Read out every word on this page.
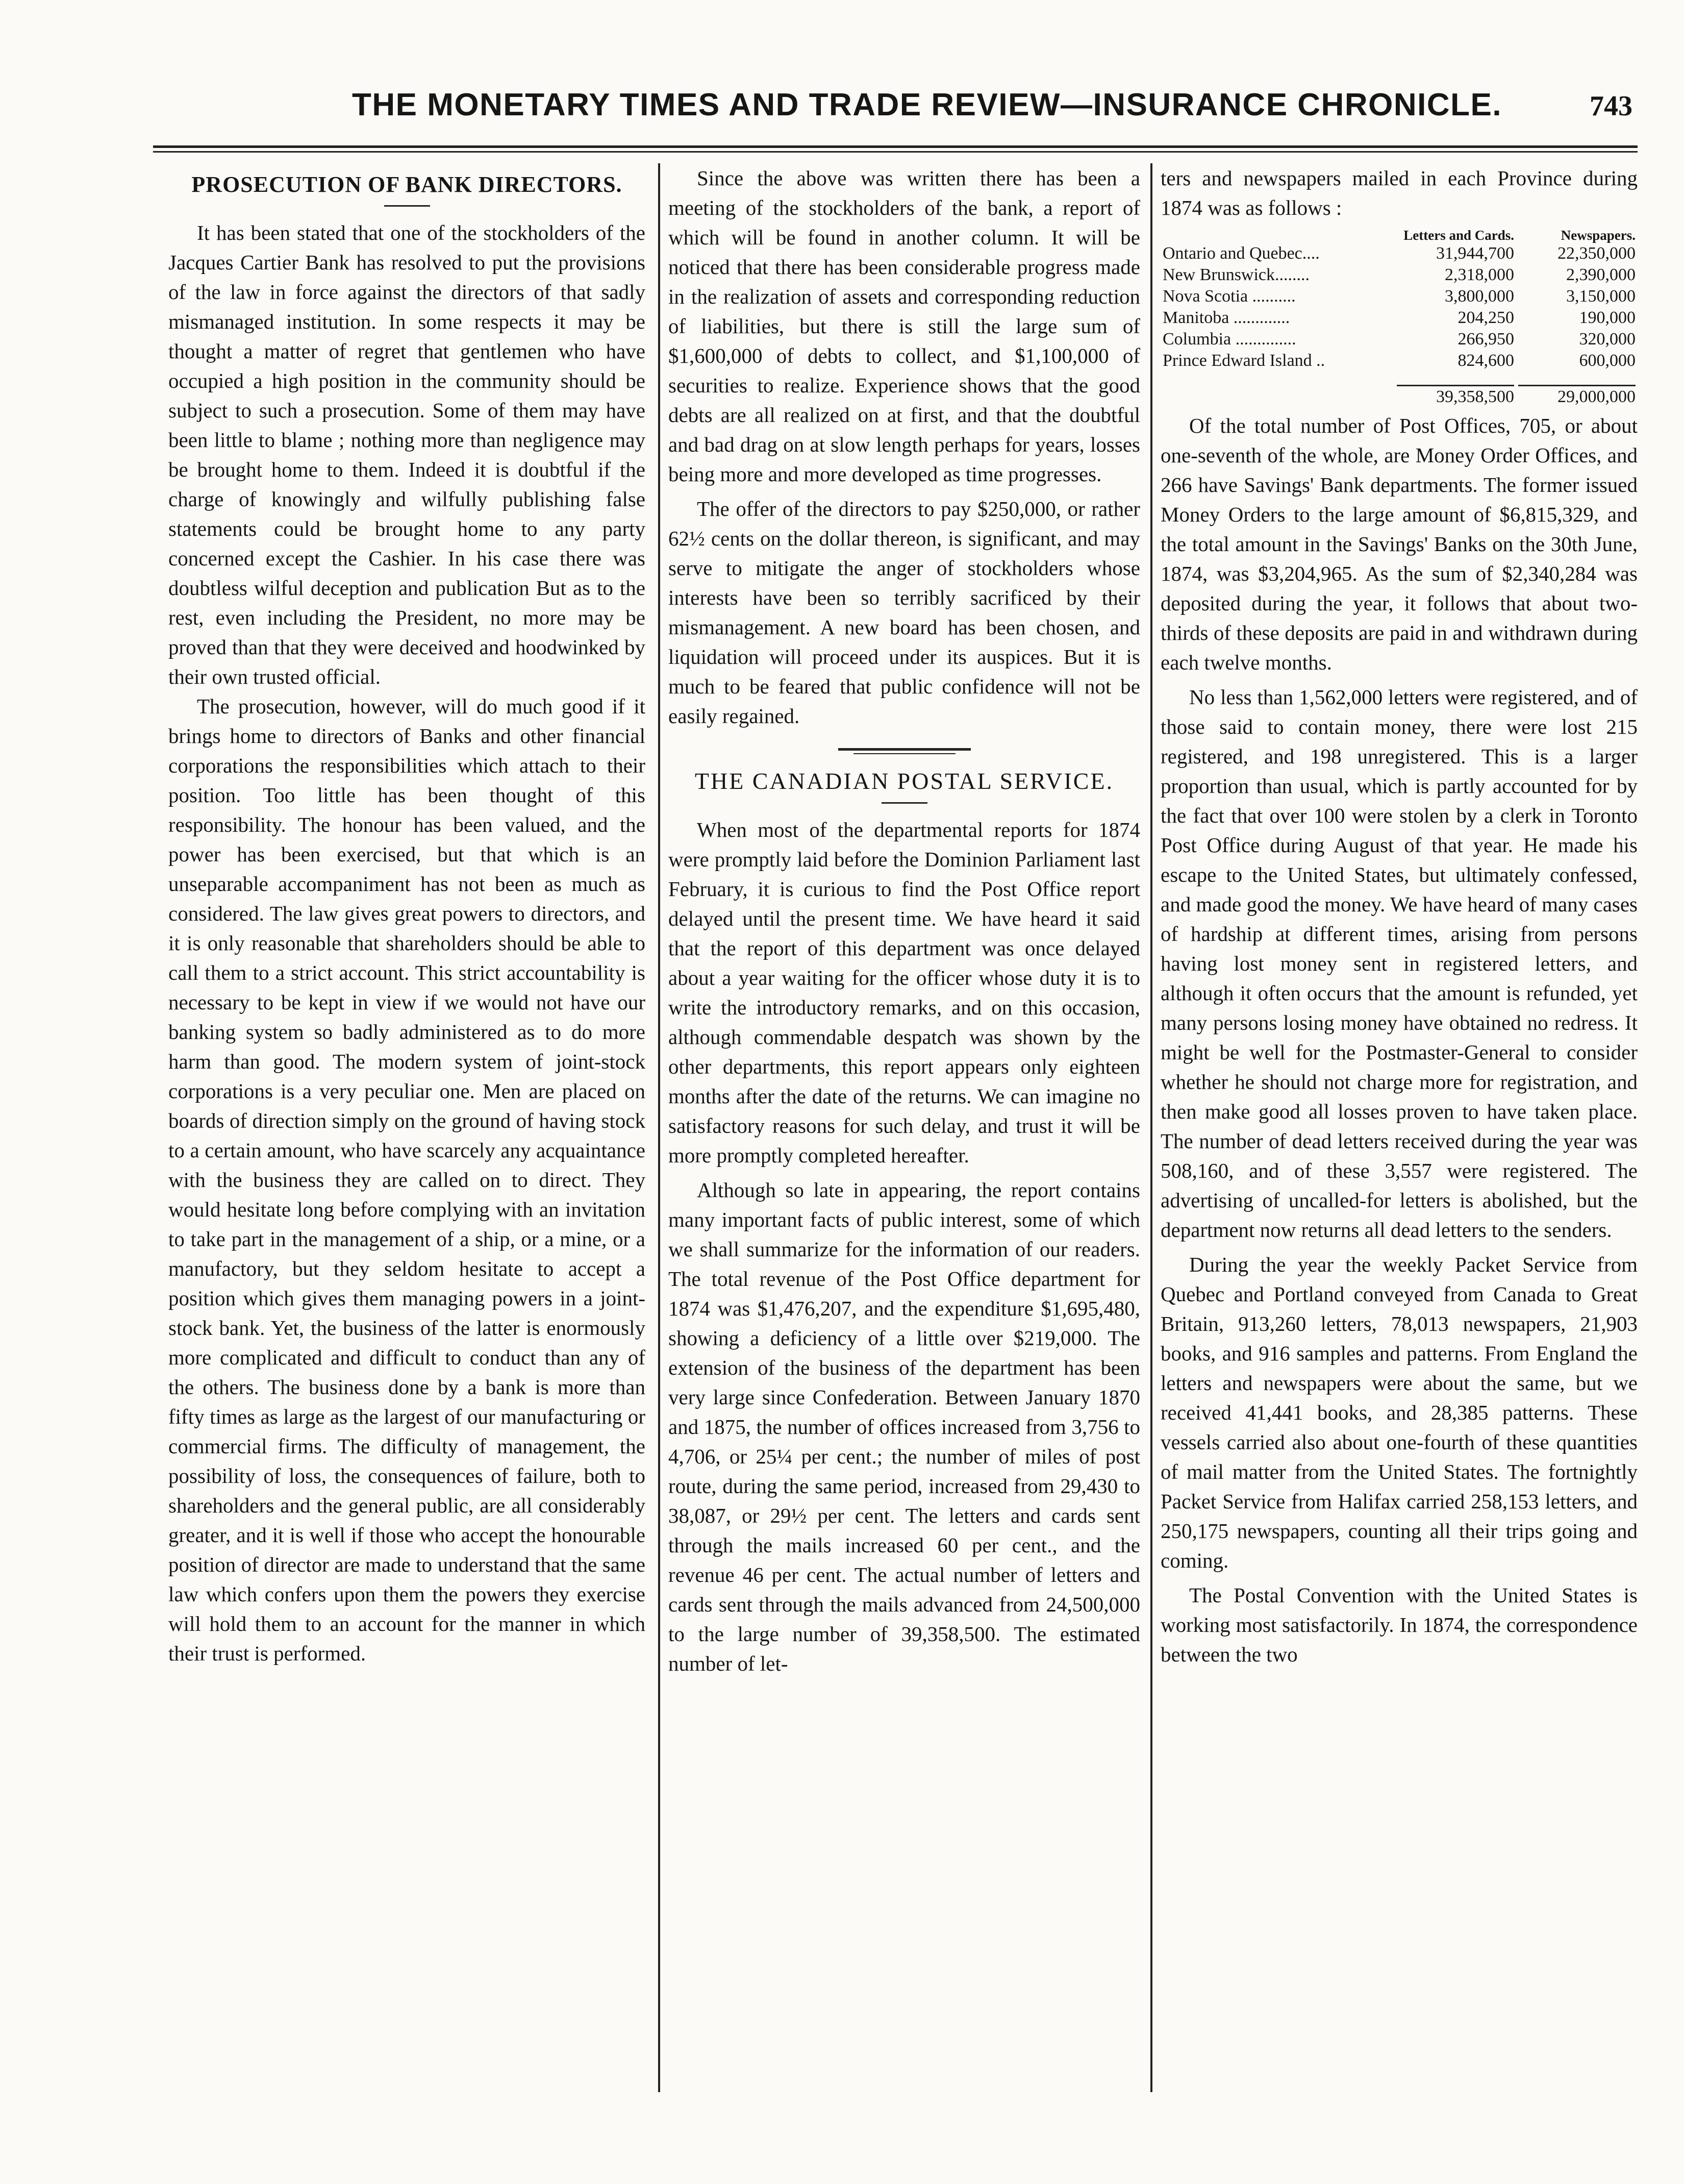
THE MONETARY TIMES AND TRADE REVIEW—INSURANCE CHRONICLE.	743
PROSECUTION OF BANK DIRECTORS.

It has been stated that one of the stockholders of the Jacques Cartier Bank has resolved to put the provisions of the law in force against the directors of that sadly mismanaged institution. In some respects it may be thought a matter of regret that gentlemen who have occupied a high position in the community should be subject to such a prosecution. Some of them may have been little to blame ; nothing more than negligence may be brought home to them. Indeed it is doubtful if the charge of knowingly and wilfully publishing false statements could be brought home to any party concerned except the Cashier. In his case there was doubtless wilful deception and publication But as to the rest, even including the President, no more may be proved than that they were deceived and hoodwinked by their own trusted official.

The prosecution, however, will do much good if it brings home to directors of Banks and other financial corporations the responsibilities which attach to their position. Too little has been thought of this responsibility. The honour has been valued, and the power has been exercised, but that which is an unseparable accompaniment has not been as much as considered. The law gives great powers to directors, and it is only reasonable that shareholders should be able to call them to a strict account. This strict accountability is necessary to be kept in view if we would not have our banking system so badly administered as to do more harm than good. The modern system of joint-stock corporations is a very peculiar one. Men are placed on boards of direction simply on the ground of having stock to a certain amount, who have scarcely any acquaintance with the business they are called on to direct. They would hesitate long before complying with an invitation to take part in the management of a ship, or a mine, or a manufactory, but they seldom hesitate to accept a position which gives them managing powers in a joint-stock bank. Yet, the business of the latter is enormously more complicated and difficult to conduct than any of the others. The business done by a bank is more than fifty times as large as the largest of our manufacturing or commercial firms. The difficulty of management, the possibility of loss, the consequences of failure, both to shareholders and the general public, are all considerably greater, and it is well if those who accept the honourable position of director are made to understand that the same law which confers upon them the powers they exercise will hold them to an account for the manner in which their trust is performed.

Since the above was written there has been a meeting of the stockholders of the bank, a report of which will be found in another column. It will be noticed that there has been considerable progress made in the realization of assets and corresponding reduction of liabilities, but there is still the large sum of $1,600,000 of debts to collect, and $1,100,000 of securities to realize. Experience shows that the good debts are all realized on at first, and that the doubtful and bad drag on at slow length perhaps for years, losses being more and more developed as time progresses.

The offer of the directors to pay $250,000, or rather 62½ cents on the dollar thereon, is significant, and may serve to mitigate the anger of stockholders whose interests have been so terribly sacrificed by their mismanagement. A new board has been chosen, and liquidation will proceed under its auspices. But it is much to be feared that public confidence will not be easily regained.

THE CANADIAN POSTAL SERVICE.

When most of the departmental reports for 1874 were promptly laid before the Dominion Parliament last February, it is curious to find the Post Office report delayed until the present time. We have heard it said that the report of this department was once delayed about a year waiting for the officer whose duty it is to write the introductory remarks, and on this occasion, although commendable despatch was shown by the other departments, this report appears only eighteen months after the date of the returns. We can imagine no satisfactory reasons for such delay, and trust it will be more promptly completed hereafter.

Although so late in appearing, the report contains many important facts of public interest, some of which we shall summarize for the information of our readers. The total revenue of the Post Office department for 1874 was $1,476,207, and the expenditure $1,695,480, showing a deficiency of a little over $219,000. The extension of the business of the department has been very large since Confederation. Between January 1870 and 1875, the number of offices increased from 3,756 to 4,706, or 25¼ per cent.; the number of miles of post route, during the same period, increased from 29,430 to 38,087, or 29½ per cent. The letters and cards sent through the mails increased 60 per cent., and the revenue 46 per cent. The actual number of letters and cards sent through the mails advanced from 24,500,000 to the large number of 39,358,500. The estimated number of let-

ters and newspapers mailed in each Province during 1874 was as follows :

	Letters and Cards.	Newspapers.
Ontario and Quebec....	31,944,700	22,350,000
New Brunswick........	2,318,000	2,390,000
Nova Scotia ..........	3,800,000	3,150,000
Manitoba .............	204,250	190,000
Columbia ..............	266,950	320,000
Prince Edward Island ..	824,600	600,000

39,358,500	29,000,000

Of the total number of Post Offices, 705, or about one-seventh of the whole, are Money Order Offices, and 266 have Savings' Bank departments. The former issued Money Orders to the large amount of $6,815,329, and the total amount in the Savings' Banks on the 30th June, 1874, was $3,204,965. As the sum of $2,340,284 was deposited during the year, it follows that about two-thirds of these deposits are paid in and withdrawn during each twelve months.

No less than 1,562,000 letters were registered, and of those said to contain money, there were lost 215 registered, and 198 unregistered. This is a larger proportion than usual, which is partly accounted for by the fact that over 100 were stolen by a clerk in Toronto Post Office during August of that year. He made his escape to the United States, but ultimately confessed, and made good the money. We have heard of many cases of hardship at different times, arising from persons having lost money sent in registered letters, and although it often occurs that the amount is refunded, yet many persons losing money have obtained no redress. It might be well for the Postmaster-General to consider whether he should not charge more for registration, and then make good all losses proven to have taken place. The number of dead letters received during the year was 508,160, and of these 3,557 were registered. The advertising of uncalled-for letters is abolished, but the department now returns all dead letters to the senders.

During the year the weekly Packet Service from Quebec and Portland conveyed from Canada to Great Britain, 913,260 letters, 78,013 newspapers, 21,903 books, and 916 samples and patterns. From England the letters and newspapers were about the same, but we received 41,441 books, and 28,385 patterns. These vessels carried also about one-fourth of these quantities of mail matter from the United States. The fortnightly Packet Service from Halifax carried 258,153 letters, and 250,175 newspapers, counting all their trips going and coming.

The Postal Convention with the United States is working most satisfactorily. In 1874, the correspondence between the two
